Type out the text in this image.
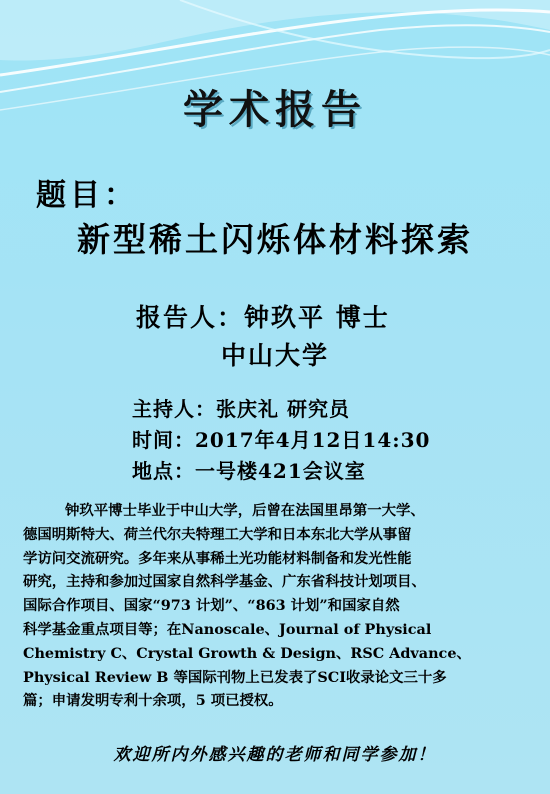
学术报告
题目：
新型稀土闪烁体材料探索
报告人：钟玖平 博士
中山大学
主持人：张庆礼 研究员
时间：2017年4月12日14:30
地点：一号楼421会议室
钟玖平博士毕业于中山大学，后曾在法国里昂第一大学、
德国明斯特大、荷兰代尔夫特理工大学和日本东北大学从事留
学访问交流研究。多年来从事稀土光功能材料制备和发光性能
研究，主持和参加过国家自然科学基金、广东省科技计划项目、
国际合作项目、国家“973 计划”、“863 计划”和国家自然
科学基金重点项目等；在Nanoscale、Journal of Physical
Chemistry C、Crystal Growth & Design、RSC Advance、
Physical Review B 等国际刊物上已发表了SCI收录论文三十多
篇；申请发明专利十余项，5 项已授权。
欢迎所内外感兴趣的老师和同学参加！
